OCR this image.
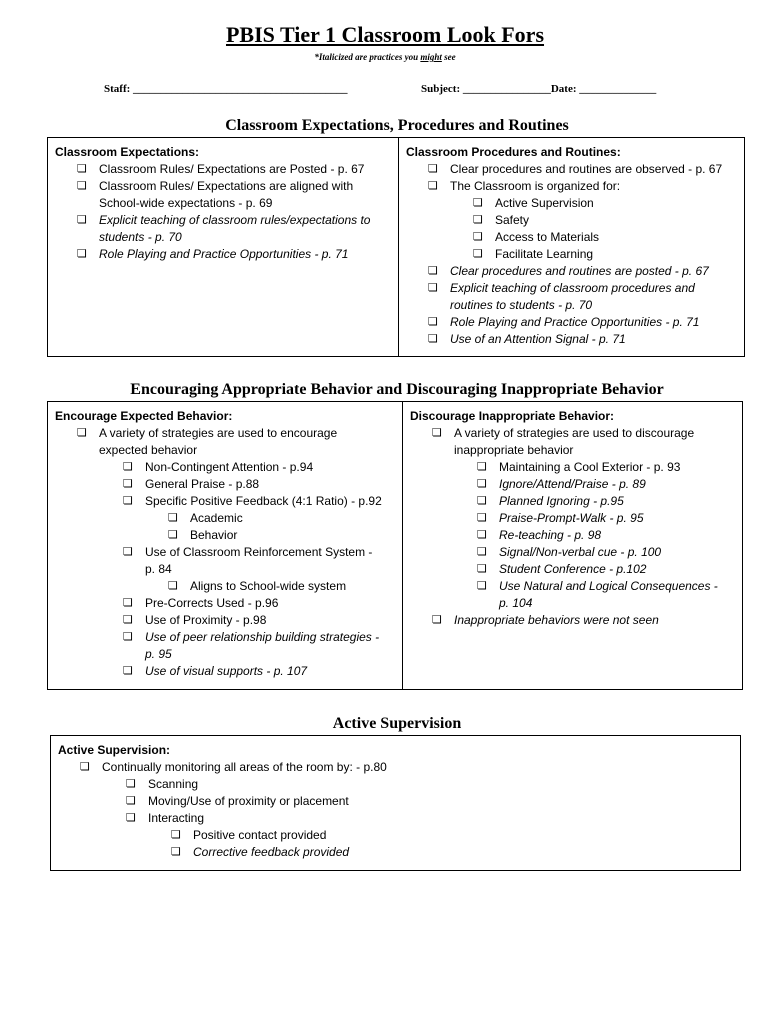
PBIS Tier 1 Classroom Look Fors
*Italicized are practices you might see
Staff: _______________________________________	Subject: ________________Date: ______________
Classroom Expectations, Procedures and Routines
Classroom Expectations:
❏ Classroom Rules/ Expectations are Posted - p. 67
❏ Classroom Rules/ Expectations are aligned with
School-wide expectations - p. 69
❏ Explicit teaching of classroom rules/expectations to
students - p. 70
❏ Role Playing and Practice Opportunities - p. 71
Classroom Procedures and Routines:
❏ Clear procedures and routines are observed - p. 67
❏ The Classroom is organized for:
❏ Active Supervision
❏ Safety
❏ Access to Materials
❏ Facilitate Learning
❏ Clear procedures and routines are posted - p. 67
❏ Explicit teaching of classroom procedures and
routines to students - p. 70
❏ Role Playing and Practice Opportunities - p. 71
❏ Use of an Attention Signal - p. 71
Encouraging Appropriate Behavior and Discouraging Inappropriate Behavior
Encourage Expected Behavior:
❏ A variety of strategies are used to encourage
expected behavior
❏ Non-Contingent Attention - p.94
❏ General Praise - p.88
❏ Specific Positive Feedback (4:1 Ratio) - p.92
❏ Academic
❏ Behavior
❏ Use of Classroom Reinforcement System -
p. 84
❏ Aligns to School-wide system
❏ Pre-Corrects Used - p.96
❏ Use of Proximity - p.98
❏ Use of peer relationship building strategies -
p. 95
❏ Use of visual supports - p. 107
Discourage Inappropriate Behavior:
❏ A variety of strategies are used to discourage
inappropriate behavior
❏ Maintaining a Cool Exterior - p. 93
❏ Ignore/Attend/Praise - p. 89
❏ Planned Ignoring - p.95
❏ Praise-Prompt-Walk - p. 95
❏ Re-teaching - p. 98
❏ Signal/Non-verbal cue - p. 100
❏ Student Conference - p.102
❏ Use Natural and Logical Consequences -
p. 104
❏ Inappropriate behaviors were not seen
Active Supervision
Active Supervision:
❏ Continually monitoring all areas of the room by: - p.80
❏ Scanning
❏ Moving/Use of proximity or placement
❏ Interacting
❏ Positive contact provided
❏ Corrective feedback provided
